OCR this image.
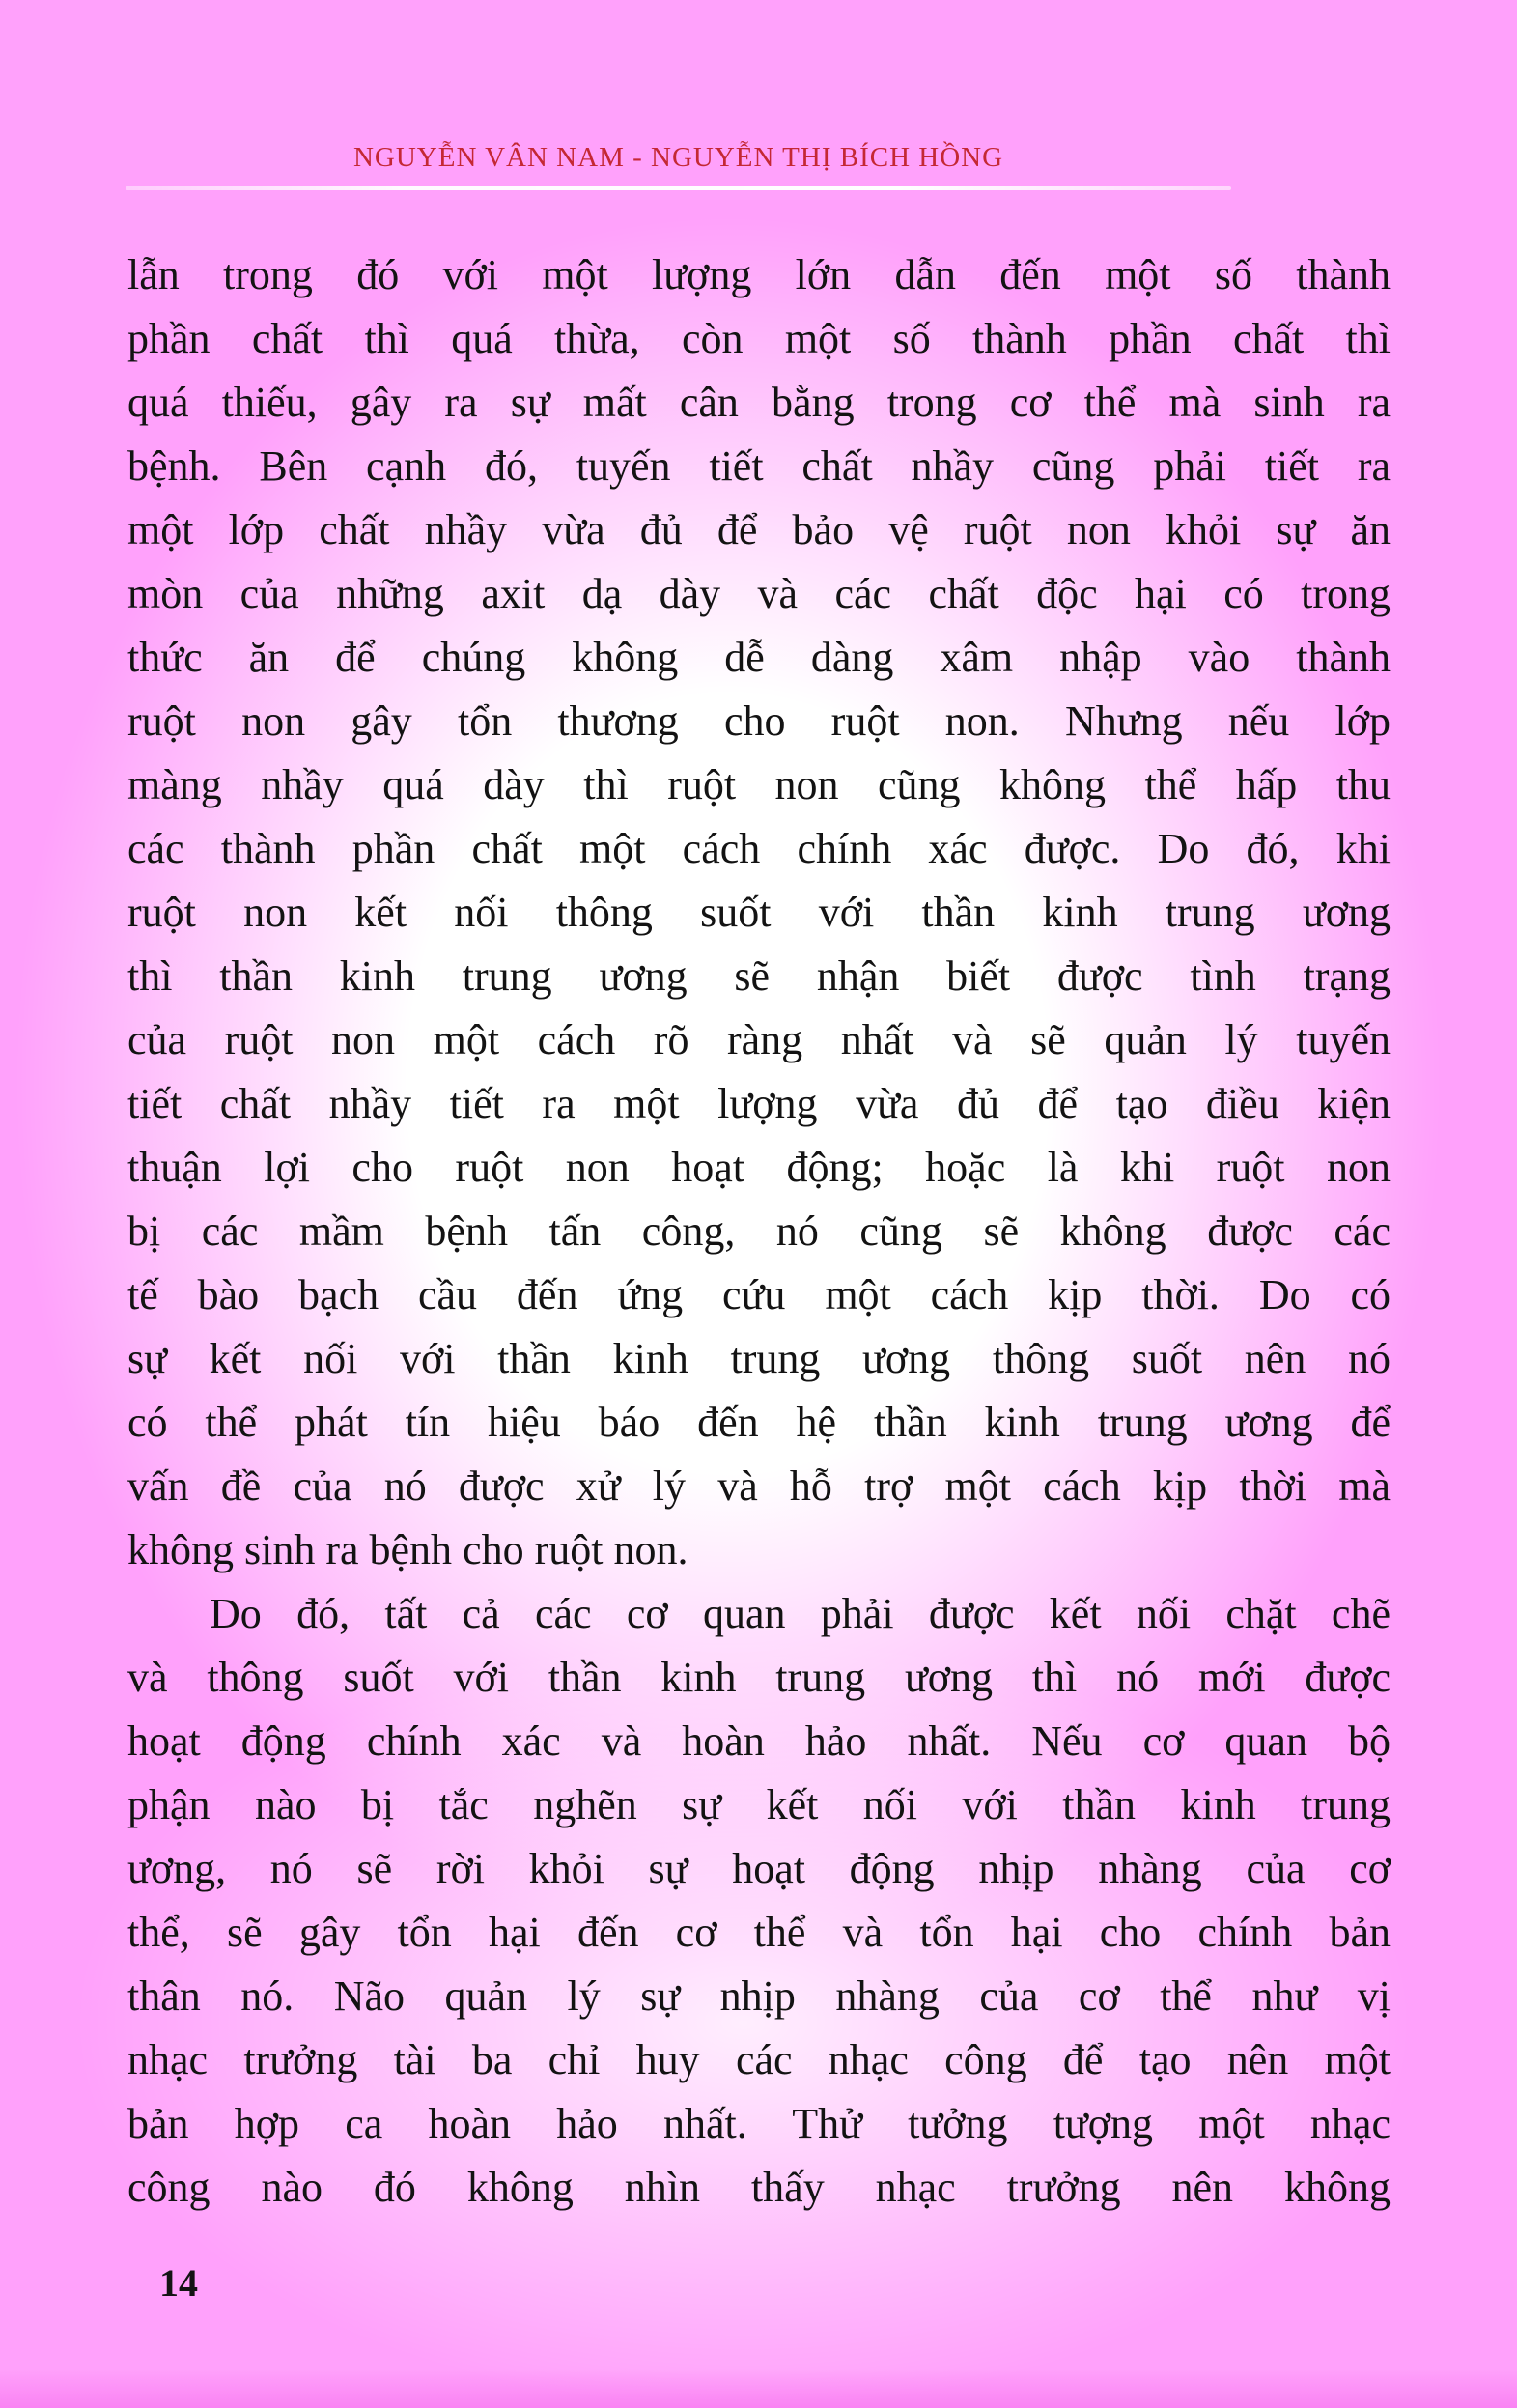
NGUYỄN VÂN NAM - NGUYỄN THỊ BÍCH HỒNG
lẫn trong đó với một lượng lớn dẫn đến một số thành
phần chất thì quá thừa, còn một số thành phần chất thì
quá thiếu, gây ra sự mất cân bằng trong cơ thể mà sinh ra
bệnh. Bên cạnh đó, tuyến tiết chất nhầy cũng phải tiết ra
một lớp chất nhầy vừa đủ để bảo vệ ruột non khỏi sự ăn
mòn của những axit dạ dày và các chất độc hại có trong
thức ăn để chúng không dễ dàng xâm nhập vào thành
ruột non gây tổn thương cho ruột non. Nhưng nếu lớp
màng nhầy quá dày thì ruột non cũng không thể hấp thu
các thành phần chất một cách chính xác được. Do đó, khi
ruột non kết nối thông suốt với thần kinh trung ương
thì thần kinh trung ương sẽ nhận biết được tình trạng
của ruột non một cách rõ ràng nhất và sẽ quản lý tuyến
tiết chất nhầy tiết ra một lượng vừa đủ để tạo điều kiện
thuận lợi cho ruột non hoạt động; hoặc là khi ruột non
bị các mầm bệnh tấn công, nó cũng sẽ không được các
tế bào bạch cầu đến ứng cứu một cách kịp thời. Do có
sự kết nối với thần kinh trung ương thông suốt nên nó
có thể phát tín hiệu báo đến hệ thần kinh trung ương để
vấn đề của nó được xử lý và hỗ trợ một cách kịp thời mà
không sinh ra bệnh cho ruột non.
Do đó, tất cả các cơ quan phải được kết nối chặt chẽ
và thông suốt với thần kinh trung ương thì nó mới được
hoạt động chính xác và hoàn hảo nhất. Nếu cơ quan bộ
phận nào bị tắc nghẽn sự kết nối với thần kinh trung
ương, nó sẽ rời khỏi sự hoạt động nhịp nhàng của cơ
thể, sẽ gây tổn hại đến cơ thể và tổn hại cho chính bản
thân nó. Não quản lý sự nhịp nhàng của cơ thể như vị
nhạc trưởng tài ba chỉ huy các nhạc công để tạo nên một
bản hợp ca hoàn hảo nhất. Thử tưởng tượng một nhạc
công nào đó không nhìn thấy nhạc trưởng nên không
14
